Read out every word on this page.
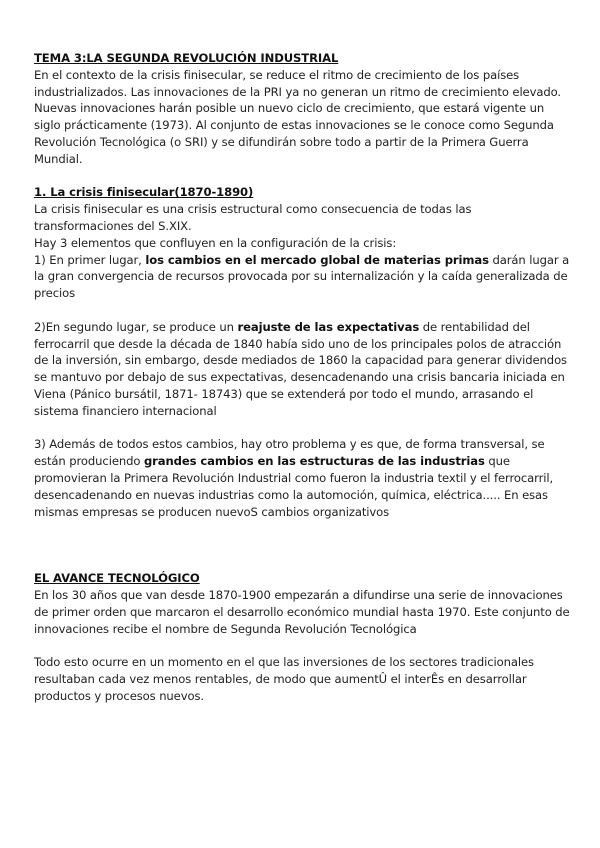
TEMA 3:LA SEGUNDA REVOLUCIÓN INDUSTRIAL

En el contexto de la crisis finisecular, se reduce el ritmo de crecimiento de los países industrializados. Las innovaciones de la PRI ya no generan un ritmo de crecimiento elevado.

Nuevas innovaciones harán posible un nuevo ciclo de crecimiento, que estará vigente un siglo prácticamente (1973). Al conjunto de estas innovaciones se le conoce como Segunda Revolución Tecnológica (o SRI) y se difundirán sobre todo a partir de la Primera Guerra Mundial.

1. La crisis finisecular(1870-1890)

La crisis finisecular es una crisis estructural como consecuencia de todas las transformaciones del S.XIX.

Hay 3 elementos que confluyen en la configuración de la crisis:

1) En primer lugar, los cambios en el mercado global de materias primas darán lugar a la gran convergencia de recursos provocada por su internalización y la caída generalizada de precios

2)En segundo lugar, se produce un reajuste de las expectativas de rentabilidad del ferrocarril que desde la década de 1840 había sido uno de los principales polos de atracción de la inversión, sin embargo, desde mediados de 1860 la capacidad para generar dividendos se mantuvo por debajo de sus expectativas, desencadenando una crisis bancaria iniciada en Viena (Pánico bursátil, 1871- 18743) que se extenderá por todo el mundo, arrasando el sistema financiero internacional

3) Además de todos estos cambios, hay otro problema y es que, de forma transversal, se están produciendo grandes cambios en las estructuras de las industrias que promovieran la Primera Revolución Industrial como fueron la industria textil y el ferrocarril, desencadenando en nuevas industrias como la automoción, química, eléctrica..... En esas mismas empresas se producen nuevoS cambios organizativos

EL AVANCE TECNOLÓGICO

En los 30 años que van desde 1870-1900 empezarán a difundirse una serie de innovaciones de primer orden que marcaron el desarrollo económico mundial hasta 1970. Este conjunto de innovaciones recibe el nombre de Segunda Revolución Tecnológica

Todo esto ocurre en un momento en el que las inversiones de los sectores tradicionales resultaban cada vez menos rentables, de modo que aumentÛ el interÊs en desarrollar productos y procesos nuevos.
